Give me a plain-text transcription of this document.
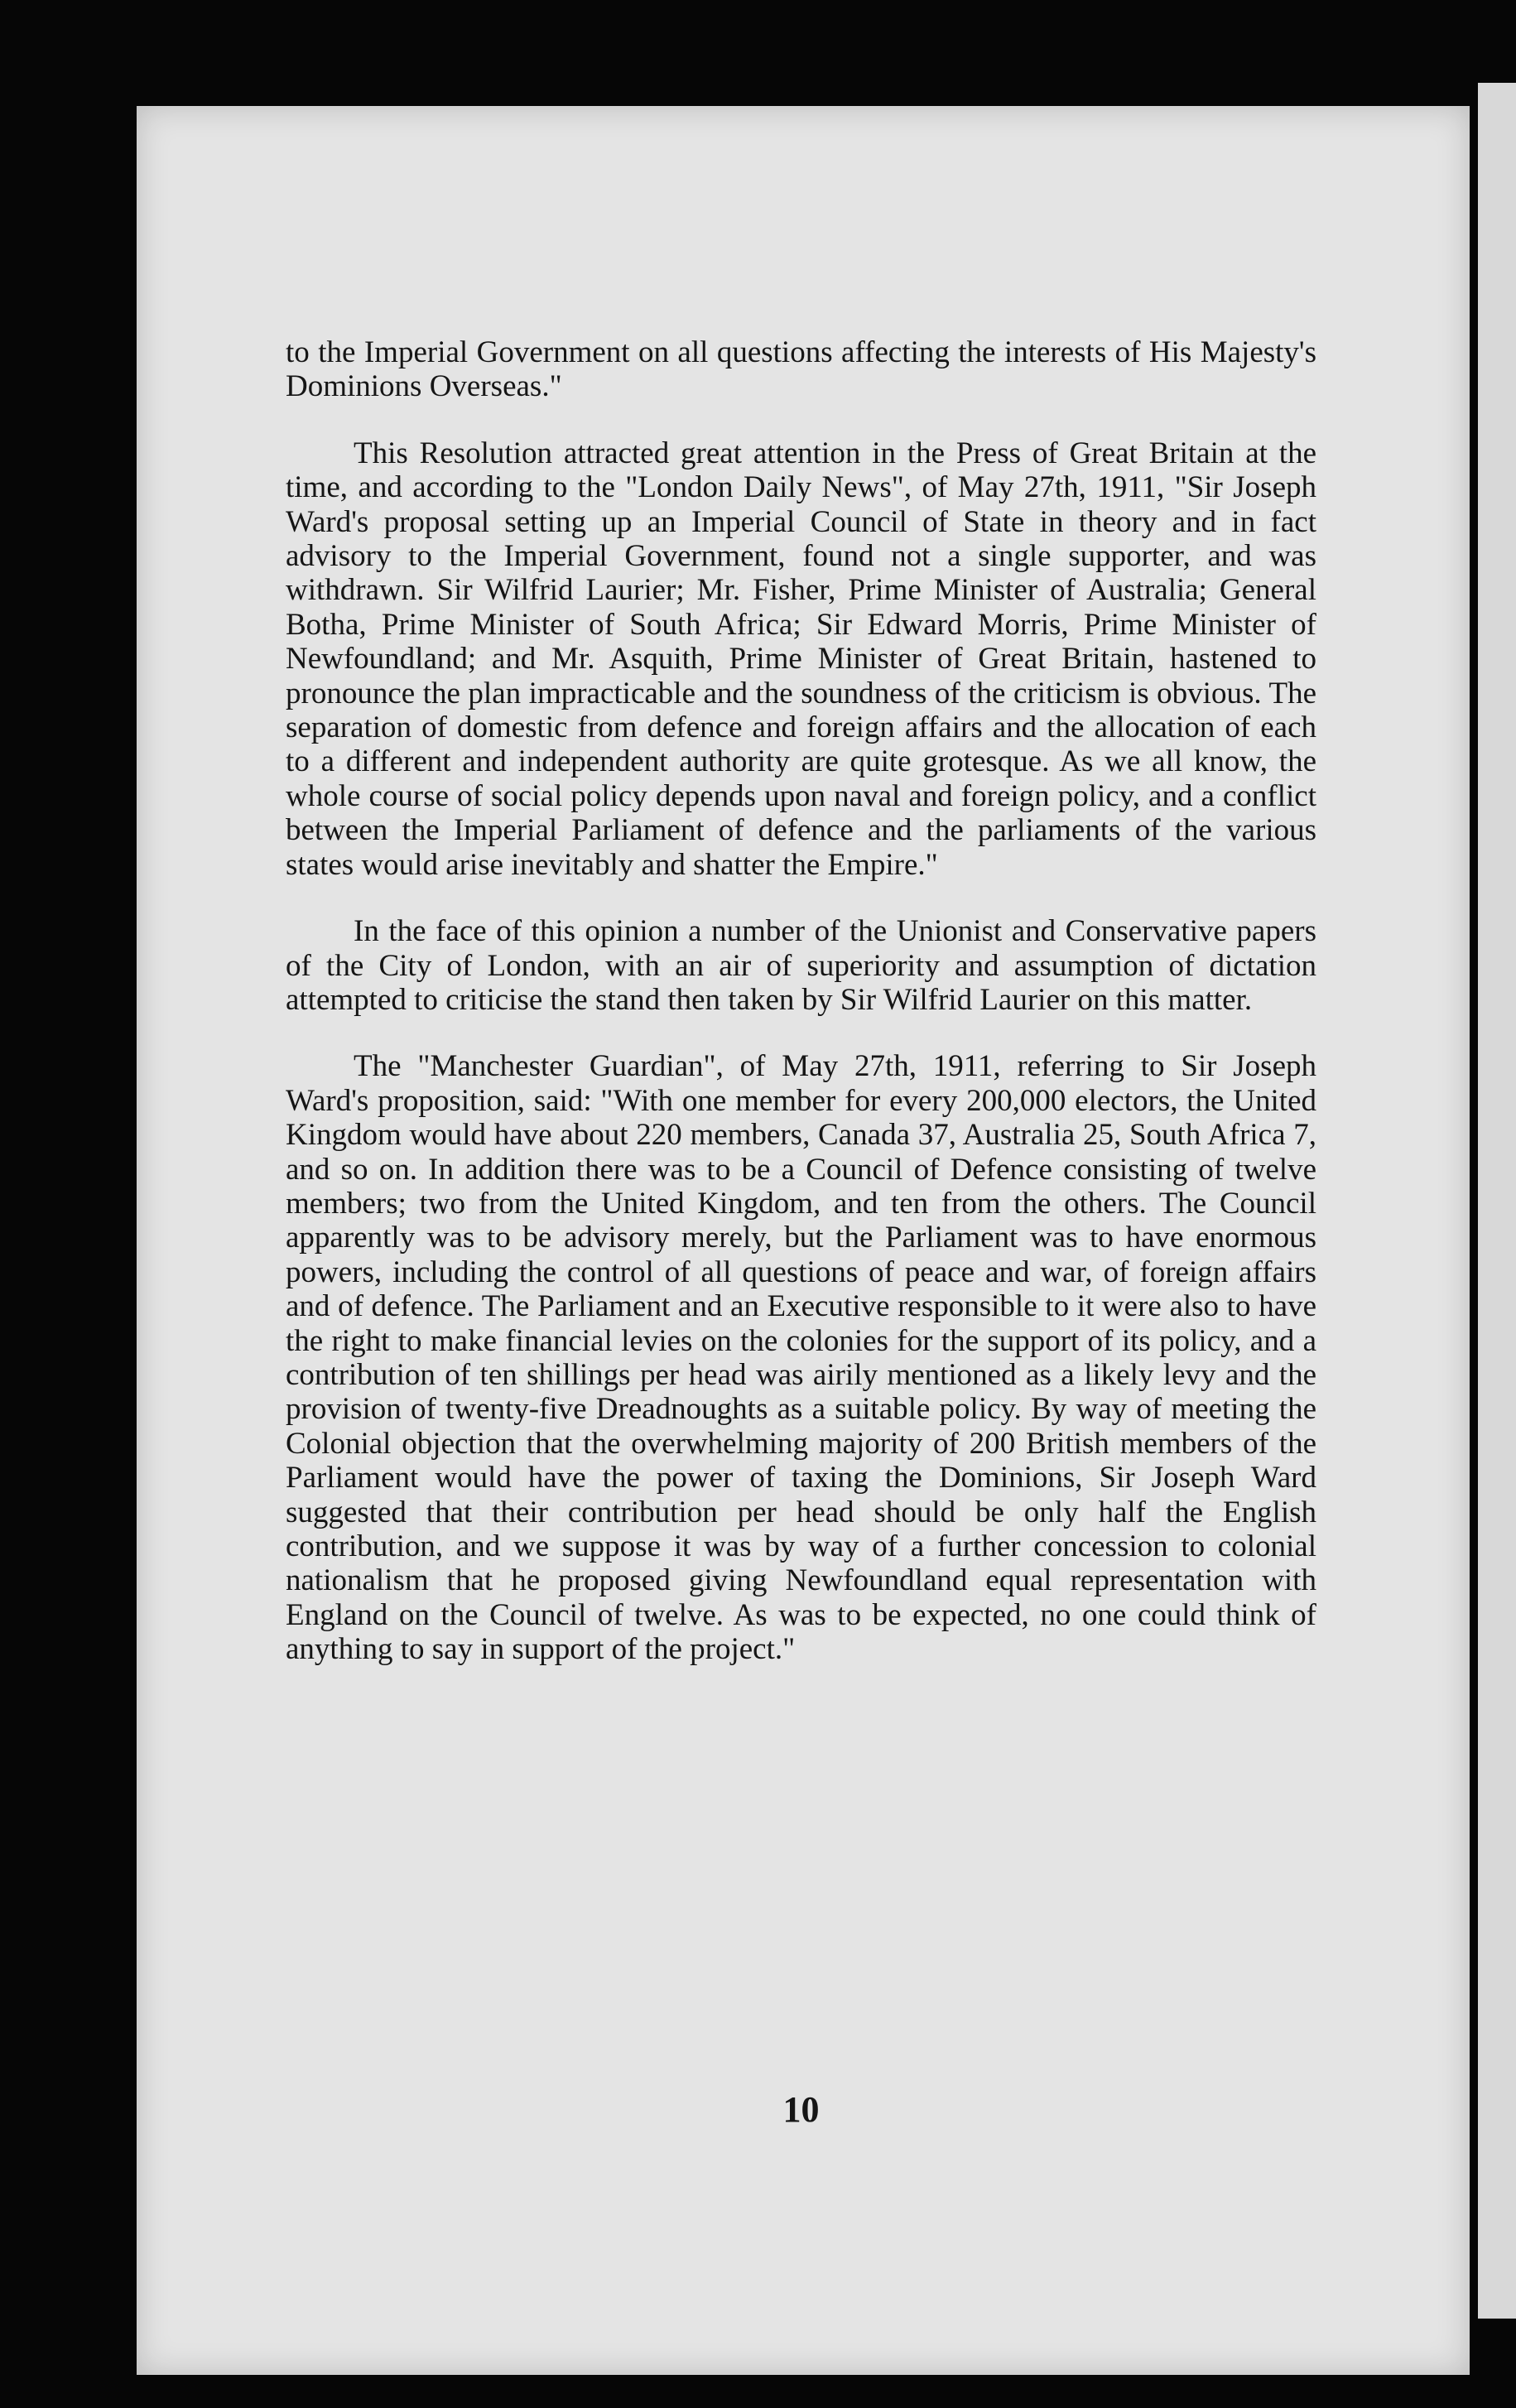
to the Imperial Government on all questions affecting the interests of His Majesty's Dominions Overseas."

This Resolution attracted great attention in the Press of Great Britain at the time, and according to the "London Daily News", of May 27th, 1911, "Sir Joseph Ward's proposal setting up an Imperial Council of State in theory and in fact advisory to the Imperial Government, found not a single supporter, and was withdrawn. Sir Wilfrid Laurier; Mr. Fisher, Prime Minister of Australia; General Botha, Prime Minister of South Africa; Sir Edward Morris, Prime Minister of Newfoundland; and Mr. Asquith, Prime Minister of Great Britain, hastened to pronounce the plan impracticable and the soundness of the criticism is obvious. The separation of domestic from defence and foreign affairs and the allocation of each to a different and independent authority are quite grotesque. As we all know, the whole course of social policy depends upon naval and foreign policy, and a conflict between the Imperial Parliament of defence and the parliaments of the various states would arise inevitably and shatter the Empire."

In the face of this opinion a number of the Unionist and Conservative papers of the City of London, with an air of superiority and assumption of dictation attempted to criticise the stand then taken by Sir Wilfrid Laurier on this matter.

The "Manchester Guardian", of May 27th, 1911, referring to Sir Joseph Ward's proposition, said: "With one member for every 200,000 electors, the United Kingdom would have about 220 members, Canada 37, Australia 25, South Africa 7, and so on. In addition there was to be a Council of Defence consisting of twelve members; two from the United Kingdom, and ten from the others. The Council apparently was to be advisory merely, but the Parliament was to have enormous powers, including the control of all questions of peace and war, of foreign affairs and of defence. The Parliament and an Executive responsible to it were also to have the right to make financial levies on the colonies for the support of its policy, and a contribution of ten shillings per head was airily mentioned as a likely levy and the provision of twenty-five Dreadnoughts as a suitable policy. By way of meeting the Colonial objection that the overwhelming majority of 200 British members of the Parliament would have the power of taxing the Dominions, Sir Joseph Ward suggested that their contribution per head should be only half the English contribution, and we suppose it was by way of a further concession to colonial nationalism that he proposed giving Newfoundland equal representation with England on the Council of twelve. As was to be expected, no one could think of anything to say in support of the project."

10
